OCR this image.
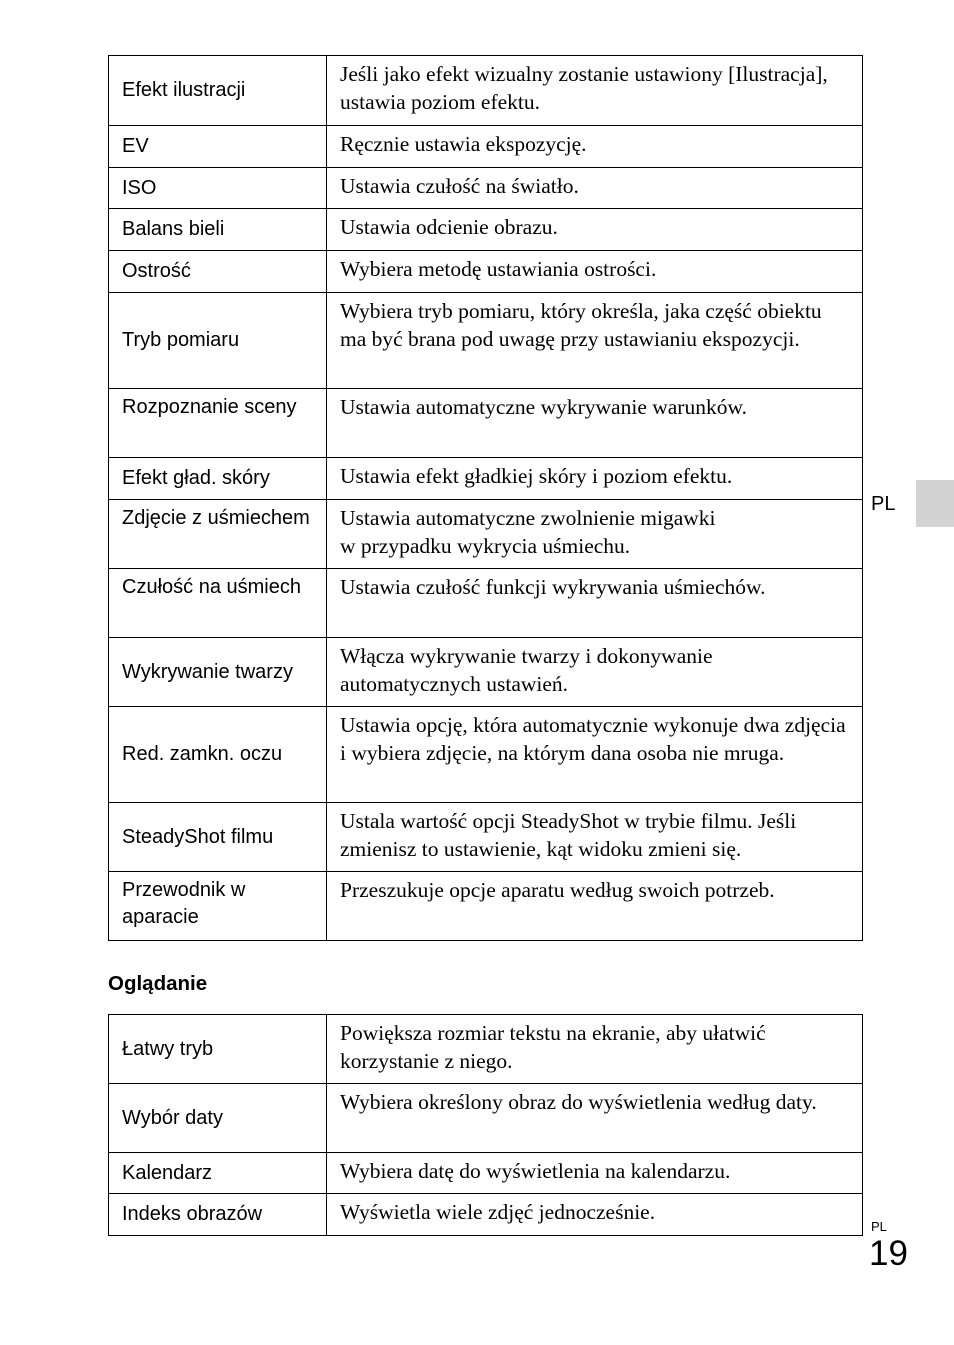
Efekt ilustracji	Jeśli jako efekt wizualny zostanie ustawiony [Ilustracja], ustawia poziom efektu.
EV	Ręcznie ustawia ekspozycję.
ISO	Ustawia czułość na światło.
Balans bieli	Ustawia odcienie obrazu.
Ostrość	Wybiera metodę ustawiania ostrości.
Tryb pomiaru	Wybiera tryb pomiaru, który określa, jaka część obiektu ma być brana pod uwagę przy ustawianiu ekspozycji.
Rozpoznanie sceny	Ustawia automatyczne wykrywanie warunków.
Efekt gład. skóry	Ustawia efekt gładkiej skóry i poziom efektu.
Zdjęcie z uśmiechem	Ustawia automatyczne zwolnienie migawki
w przypadku wykrycia uśmiechu.
Czułość na uśmiech	Ustawia czułość funkcji wykrywania uśmiechów.
Wykrywanie twarzy	Włącza wykrywanie twarzy i dokonywanie automatycznych ustawień.
Red. zamkn. oczu	Ustawia opcję, która automatycznie wykonuje dwa zdjęcia i wybiera zdjęcie, na którym dana osoba nie mruga.
SteadyShot filmu	Ustala wartość opcji SteadyShot w trybie filmu. Jeśli zmienisz to ustawienie, kąt widoku zmieni się.
Przewodnik w aparacie	Przeszukuje opcje aparatu według swoich potrzeb.
Oglądanie
Łatwy tryb	Powiększa rozmiar tekstu na ekranie, aby ułatwić korzystanie z niego.
Wybór daty	Wybiera określony obraz do wyświetlenia według daty.
Kalendarz	Wybiera datę do wyświetlenia na kalendarzu.
Indeks obrazów	Wyświetla wiele zdjęć jednocześnie.
PL
PL
19
